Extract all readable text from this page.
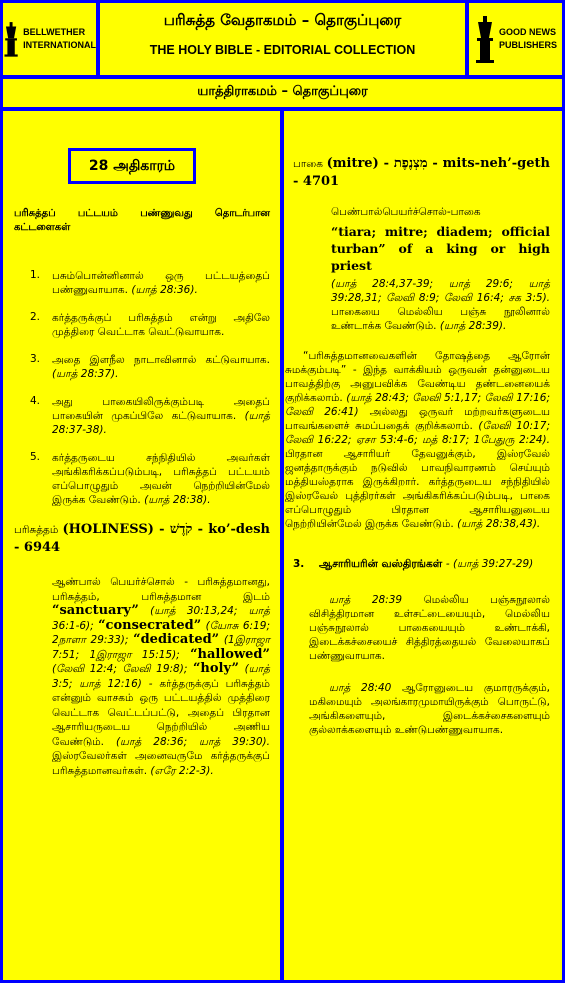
BELLWETHER
INTERNATIONAL
பரிசுத்த வேதாகமம் – தொகுப்புரை
THE HOLY BIBLE - EDITORIAL COLLECTION
GOOD NEWS
PUBLISHERS
யாத்திராகமம் – தொகுப்புரை
28 அதிகாரம்

பரிசுத்தப் பட்டயம் பண்ணுவது தொடர்பான கட்டளைகள்

1. பசும்பொன்னினால் ஒரு பட்டயத்தைப் பண்ணுவாயாக. (யாத் 28:36).

2. கர்த்தருக்குப் பரிசுத்தம் என்று அதிலே முத்திரை வெட்டாக வெட்டுவாயாக.

3. அதை இளநீல நாடாவினால் கட்டுவாயாக. (யாத் 28:37).

4. அது பாகையிலிருக்கும்படி அதைப் பாகையின் முகப்பிலே கட்டுவாயாக. (யாத் 28:37-38).

5. கர்த்தருடைய சந்நிதியில் அவர்கள் அங்கிகரிக்கப்படும்படி, பரிசுத்தப் பட்டயம் எப்பொழுதும் அவன் நெற்றியின்மேல் இருக்க வேண்டும். (யாத் 28:38).

பரிசுத்தம் (HOLINESS) - קֹדֶשׁ - ko’-desh - 6944

ஆண்பால் பெயர்ச்சொல் - பரிசுத்தமானது, பரிசுத்தம், பரிசுத்தமான இடம் “sanctuary” (யாத் 30:13,24; யாத் 36:1-6); “consecrated” (யோசு 6:19; 2நாளா 29:33); “dedicated” (1இராஜா 7:51; 1இராஜா 15:15); “hallowed” (லேவி 12:4; லேவி 19:8); “holy” (யாத் 3:5; யாத் 12:16) - கர்த்தருக்குப் பரிசுத்தம் என்னும் வாசகம் ஒரு பட்டயத்தில் முத்திரை வெட்டாக வெட்டப்பட்டு, அதைப் பிரதான ஆசாரியருடைய நெற்றியில் அணிய வேண்டும். (யாத் 28:36; யாத் 39:30). இஸ்ரவேலர்கள் அனைவருமே கர்த்தருக்குப் பரிசுத்தமானவர்கள். (எரே 2:2-3).

பாகை (mitre) - מִצְנֶפֶת - mits-neh’-geth - 4701

பெண்பால்பெயர்ச்சொல்-பாகை

“tiara; mitre; diadem; official turban” of a king or high priest

(யாத் 28:4,37-39; யாத் 29:6; யாத் 39:28,31; லேவி 8:9; லேவி 16:4; சக 3:5). பாகையை மெல்லிய பஞ்சு நூலினால் உண்டாக்க வேண்டும். (யாத் 28:39).

“பரிசுத்தமானவைகளின் தோஷத்தை ஆரோன் சுமக்கும்படி” - இந்த வாக்கியம் ஒருவன் தன்னுடைய பாவத்திற்கு அனுபவிக்க வேண்டிய தண்டனையைக் குறிக்கலாம். (யாத் 28:43; லேவி 5:1,17; லேவி 17:16; லேவி 26:41) அல்லது ஒருவர் மற்றவர்களுடைய பாவங்களைச் சுமப்பதைக் குறிக்கலாம். (லேவி 10:17; லேவி 16:22; ஏசா 53:4-6; மத் 8:17; 1பேதுரு 2:24). பிரதான ஆசாரியர் தேவனுக்கும், இஸ்ரவேல் ஜனத்தாருக்கும் நடுவில் பாவநிவாரணம் செய்யும் மத்தியஸ்தராக இருக்கிறார். கர்த்தருடைய சந்நிதியில் இஸ்ரவேல் புத்திரர்கள் அங்கிகரிக்கப்படும்படி, பாகை எப்பொழுதும் பிரதான ஆசாரியனுடைய நெற்றியின்மேல் இருக்க வேண்டும். (யாத் 28:38,43).

3. ஆசாரியரின் வஸ்திரங்கள் - (யாத் 39:27-29)

யாத் 28:39 மெல்லிய பஞ்சுநூலால் விசித்திரமான உள்சட்டையையும், மெல்லிய பஞ்சுநூலால் பாகையையும் உண்டாக்கி, இடைக்கச்சையைச் சித்திரத்தையல் வேலையாகப் பண்ணுவாயாக.

யாத் 28:40 ஆரோனுடைய குமாரருக்கும், மகிமையும் அலங்காரமுமாயிருக்கும் பொருட்டு, அங்கிகளையும், இடைக்கச்சைகளையும் குல்லாக்களையும் உண்டுபண்ணுவாயாக.
